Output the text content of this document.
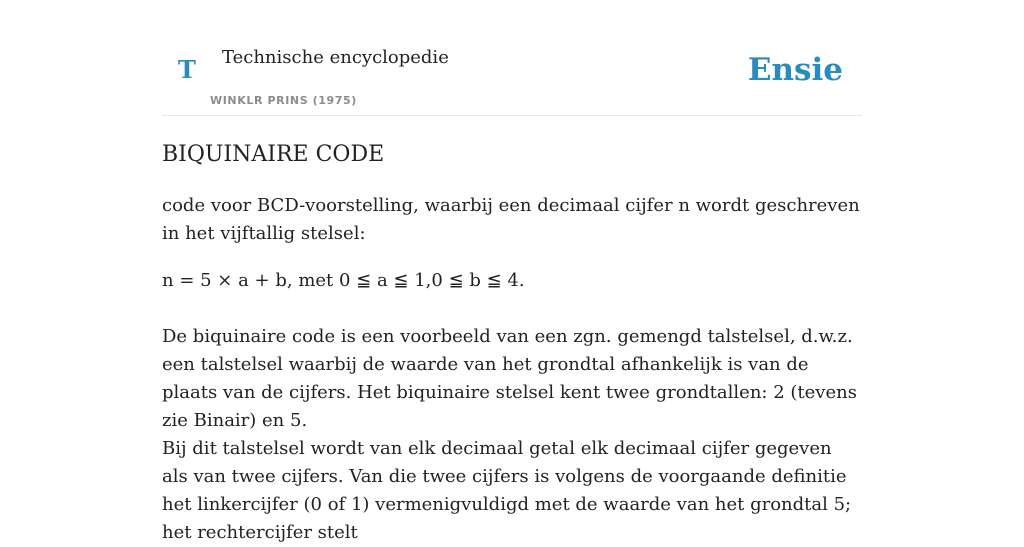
T Technische encyclopedie
WINKLR PRINS (1975)
Ensie
BIQUINAIRE CODE

code voor BCD-voorstelling, waarbij een decimaal cijfer n wordt geschreven in het vijftallig stelsel:

n = 5 × a + b, met 0 ≦ a ≦ 1,0 ≦ b ≦ 4.

De biquinaire code is een voorbeeld van een zgn. gemengd talstelsel, d.w.z. een talstelsel waarbij de waarde van het grondtal afhankelijk is van de plaats van de cijfers. Het biquinaire stelsel kent twee grondtallen: 2 (tevens zie Binair) en 5.

Bij dit talstelsel wordt van elk decimaal getal elk decimaal cijfer gegeven als van twee cijfers. Van die twee cijfers is volgens de voorgaande definitie het linkercijfer (0 of 1) vermenigvuldigd met de waarde van het grondtal 5; het rechtercijfer stelt
